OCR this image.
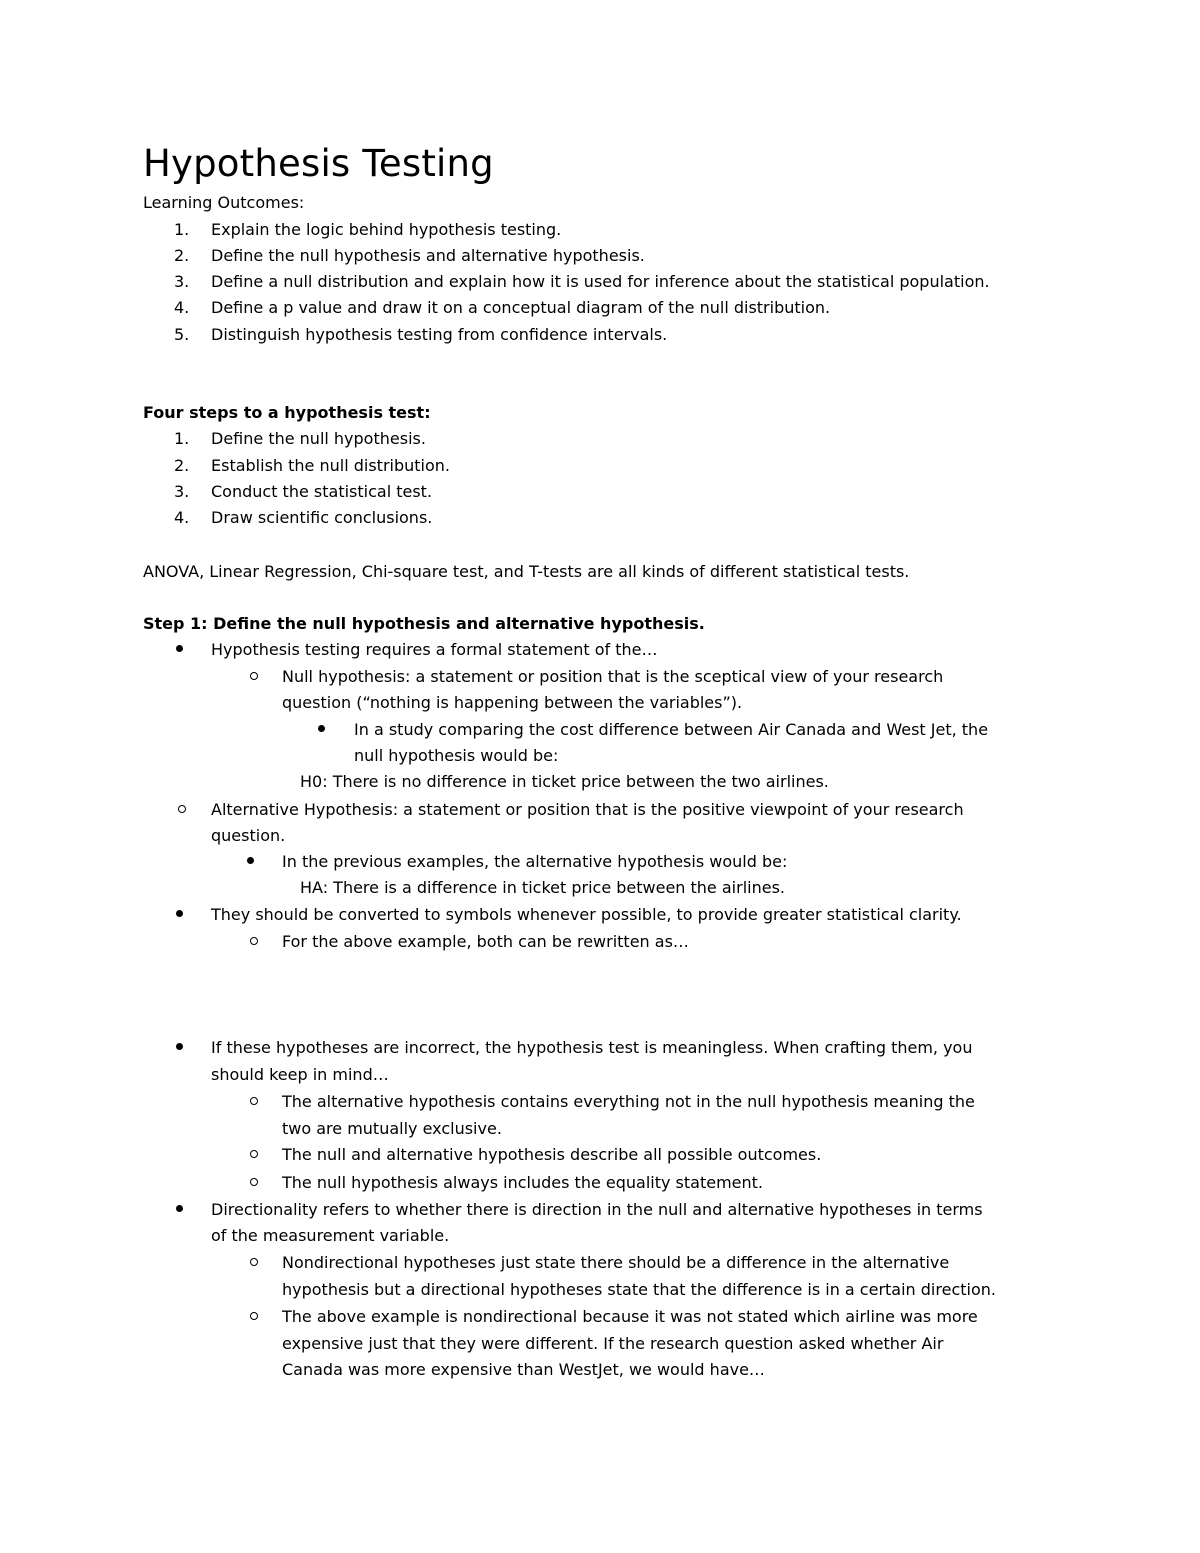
Hypothesis Testing
Learning Outcomes:
1. Explain the logic behind hypothesis testing.
2. Define the null hypothesis and alternative hypothesis.
3. Define a null distribution and explain how it is used for inference about the statistical population.
4. Define a p value and draw it on a conceptual diagram of the null distribution.
5. Distinguish hypothesis testing from confidence intervals.
Four steps to a hypothesis test:
1. Define the null hypothesis.
2. Establish the null distribution.
3. Conduct the statistical test.
4. Draw scientific conclusions.
ANOVA, Linear Regression, Chi-square test, and T-tests are all kinds of different statistical tests.
Step 1: Define the null hypothesis and alternative hypothesis.
Hypothesis testing requires a formal statement of the…
Null hypothesis: a statement or position that is the sceptical view of your research
question (“nothing is happening between the variables”).
In a study comparing the cost difference between Air Canada and West Jet, the
null hypothesis would be:
H0: There is no difference in ticket price between the two airlines.
Alternative Hypothesis: a statement or position that is the positive viewpoint of your research
question.
In the previous examples, the alternative hypothesis would be:
HA: There is a difference in ticket price between the airlines.
They should be converted to symbols whenever possible, to provide greater statistical clarity.
For the above example, both can be rewritten as…
If these hypotheses are incorrect, the hypothesis test is meaningless. When crafting them, you
should keep in mind…
The alternative hypothesis contains everything not in the null hypothesis meaning the
two are mutually exclusive.
The null and alternative hypothesis describe all possible outcomes.
The null hypothesis always includes the equality statement.
Directionality refers to whether there is direction in the null and alternative hypotheses in terms
of the measurement variable.
Nondirectional hypotheses just state there should be a difference in the alternative
hypothesis but a directional hypotheses state that the difference is in a certain direction.
The above example is nondirectional because it was not stated which airline was more
expensive just that they were different. If the research question asked whether Air
Canada was more expensive than WestJet, we would have…
